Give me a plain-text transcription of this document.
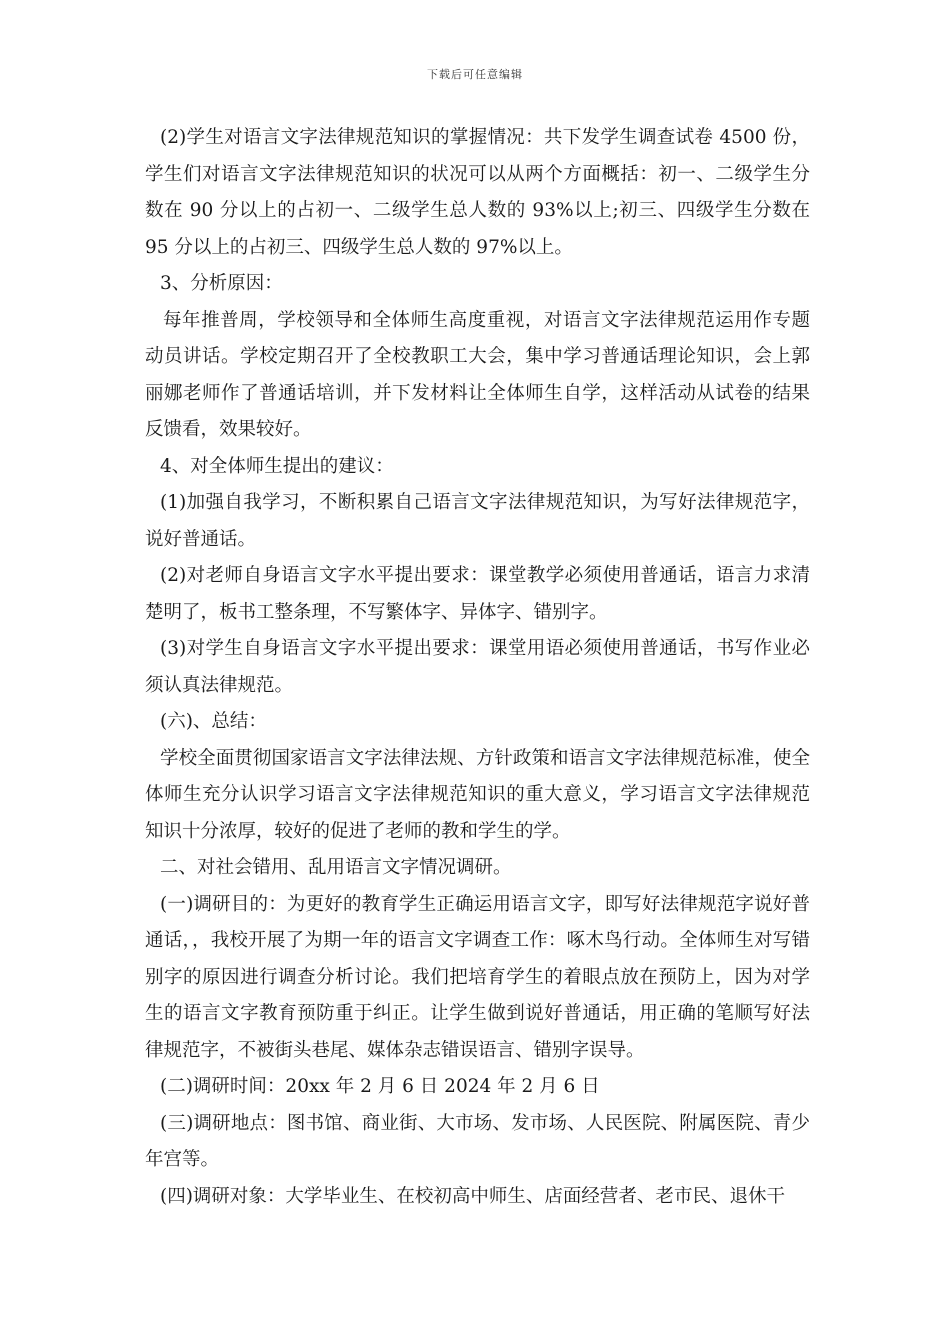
下载后可任意编辑

(2)学生对语言文字法律规范知识的掌握情况：共下发学生调查试卷 4500 份，学生们对语言文字法律规范知识的状况可以从两个方面概括：初一、二级学生分数在 90 分以上的占初一、二级学生总人数的 93%以上;初三、四级学生分数在 95 分以上的占初三、四级学生总人数的 97%以上。

3、分析原因：

每年推普周，学校领导和全体师生高度重视，对语言文字法律规范运用作专题动员讲话。学校定期召开了全校教职工大会，集中学习普通话理论知识，会上郭丽娜老师作了普通话培训，并下发材料让全体师生自学，这样活动从试卷的结果反馈看，效果较好。

4、对全体师生提出的建议：

(1)加强自我学习，不断积累自己语言文字法律规范知识，为写好法律规范字，说好普通话。

(2)对老师自身语言文字水平提出要求：课堂教学必须使用普通话，语言力求清楚明了，板书工整条理，不写繁体字、异体字、错别字。

(3)对学生自身语言文字水平提出要求：课堂用语必须使用普通话，书写作业必须认真法律规范。

(六)、总结：

学校全面贯彻国家语言文字法律法规、方针政策和语言文字法律规范标准，使全体师生充分认识学习语言文字法律规范知识的重大意义，学习语言文字法律规范知识十分浓厚，较好的促进了老师的教和学生的学。

二、对社会错用、乱用语言文字情况调研。

(一)调研目的：为更好的教育学生正确运用语言文字，即写好法律规范字说好普通话，，我校开展了为期一年的语言文字调查工作：啄木鸟行动。全体师生对写错别字的原因进行调查分析讨论。我们把培育学生的着眼点放在预防上，因为对学生的语言文字教育预防重于纠正。让学生做到说好普通话，用正确的笔顺写好法律规范字，不被街头巷尾、媒体杂志错误语言、错别字误导。

(二)调研时间：20xx 年 2 月 6 日 2024 年 2 月 6 日

(三)调研地点：图书馆、商业街、大市场、发市场、人民医院、附属医院、青少年宫等。

(四)调研对象：大学毕业生、在校初高中师生、店面经营者、老市民、退休干
